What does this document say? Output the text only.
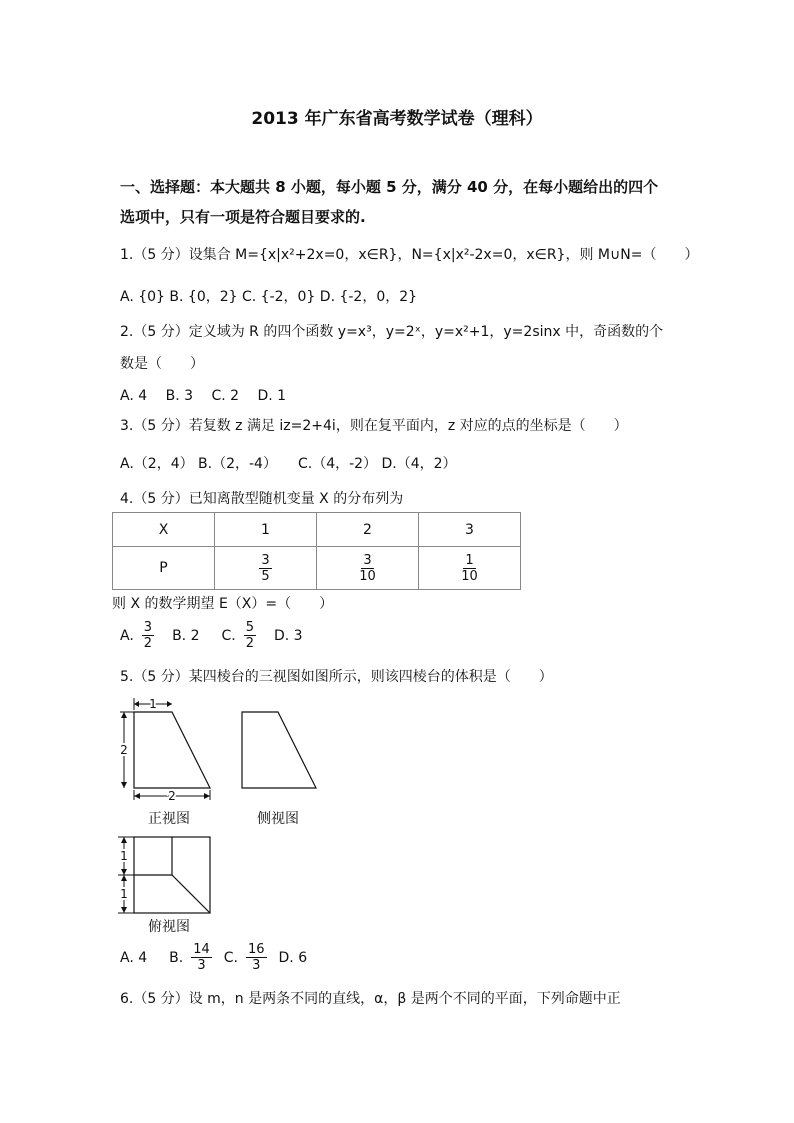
2013 年广东省高考数学试卷（理科）
一、选择题：本大题共 8 小题，每小题 5 分，满分 40 分，在每小题给出的四个
选项中，只有一项是符合题目要求的.
1.（5 分）设集合 M={x|x²+2x=0，x∈R}，N={x|x²-2x=0，x∈R}，则 M∪N=（　　）
A. {0} B. {0，2} C. {-2，0} D. {-2，0，2}
2.（5 分）定义域为 R 的四个函数 y=x³，y=2ˣ，y=x²+1，y=2sinx 中，奇函数的个
数是（　　）
A. 4　 B. 3　 C. 2　 D. 1
3.（5 分）若复数 z 满足 iz=2+4i，则在复平面内，z 对应的点的坐标是（　　）
A.（2，4） B.（2，-4）　　C.（4，-2） D.（4，2）
4.（5 分）已知离散型随机变量 X 的分布列为
X	1	2	3
P	$\frac{3}{5}$	$\frac{3}{10}$	$\frac{1}{10}$
则 X 的数学期望 E（X）=（　　）
A. $\frac{3}{2} B$. 2 C. $\frac{5}{2} D$. 3
5.（5 分）某四棱台的三视图如图所示，则该四棱台的体积是（　　）
1
2
2
正视图	侧视图
1
1
俯视图
A. 4 B. $\frac{14}{3} C$. $\frac{16}{3} D$. 6
6.（5 分）设 m，n 是两条不同的直线，α，β 是两个不同的平面，下列命题中正
